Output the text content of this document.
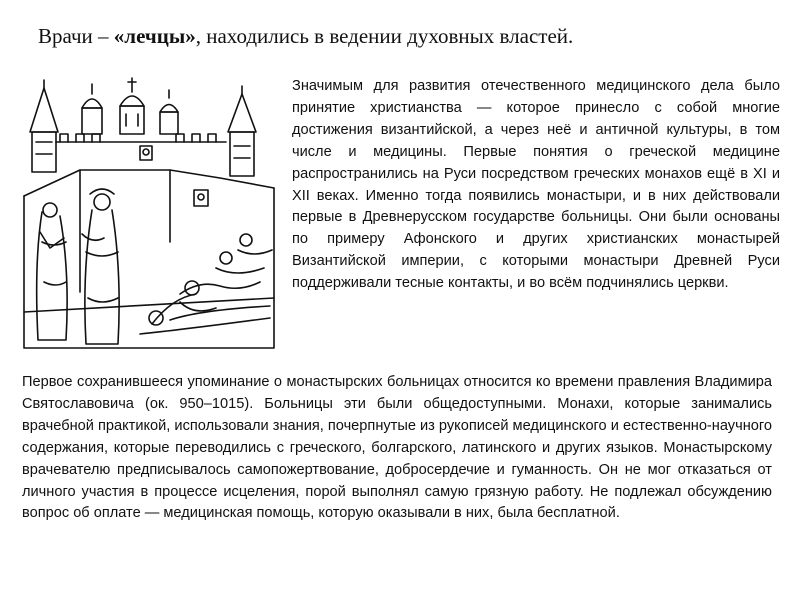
Врачи – «лечцы», находились в ведении духовных властей.

Значимым для развития отечественного медицинского дела было принятие христианства — которое принесло с собой многие достижения византийской, а через неё и античной культуры, в том числе и медицины. Первые понятия о греческой медицине распространились на Руси посредством греческих монахов ещё в XI и XII веках. Именно тогда появились монастыри, и в них действовали первые в Древнерусском государстве больницы. Они были основаны по примеру Афонского и других христианских монастырей Византийской империи, с которыми монастыри Древней Руси поддерживали тесные контакты, и во всём подчинялись церкви.

Первое сохранившееся упоминание о монастырских больницах относится ко времени правления Владимира Святославовича (ок. 950–1015). Больницы эти были общедоступными. Монахи, которые занимались врачебной практикой, использовали знания, почерпнутые из рукописей медицинского и естественно-научного содержания, которые переводились с греческого, болгарского, латинского и других языков. Монастырскому врачевателю предписывалось самопожертвование, добросердечие и гуманность. Он не мог отказаться от личного участия в процессе исцеления, порой выполнял самую грязную работу. Не подлежал обсуждению вопрос об оплате — медицинская помощь, которую оказывали в них, была бесплатной.
